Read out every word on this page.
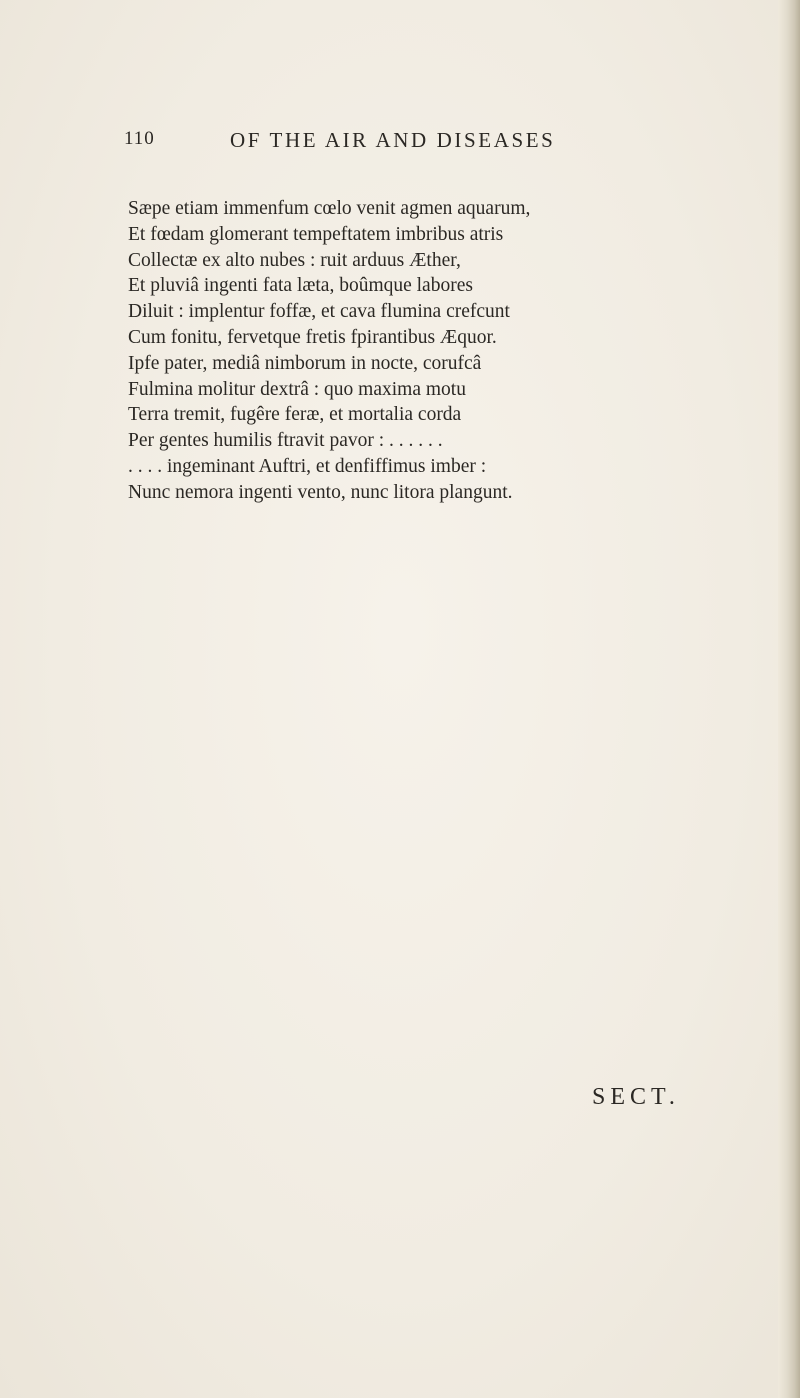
110	OF THE AIR AND DISEASES
Sæpe etiam immenfum cœlo venit agmen aquarum,
Et fœdam glomerant tempeftatem imbribus atris
Collectæ ex alto nubes : ruit arduus Æther,
Et pluviâ ingenti fata læta, boûmque labores
Diluit : implentur foffæ, et cava flumina crefcunt
Cum fonitu, fervetque fretis fpirantibus Æquor.
Ipfe pater, mediâ nimborum in nocte, corufcâ
Fulmina molitur dextrâ : quo maxima motu
Terra tremit, fugêre feræ, et mortalia corda
Per gentes humilis ftravit pavor : . . . . . .
. . . . ingeminant Auftri, et denfiffimus imber :
Nunc nemora ingenti vento, nunc litora plangunt.
SECT.
